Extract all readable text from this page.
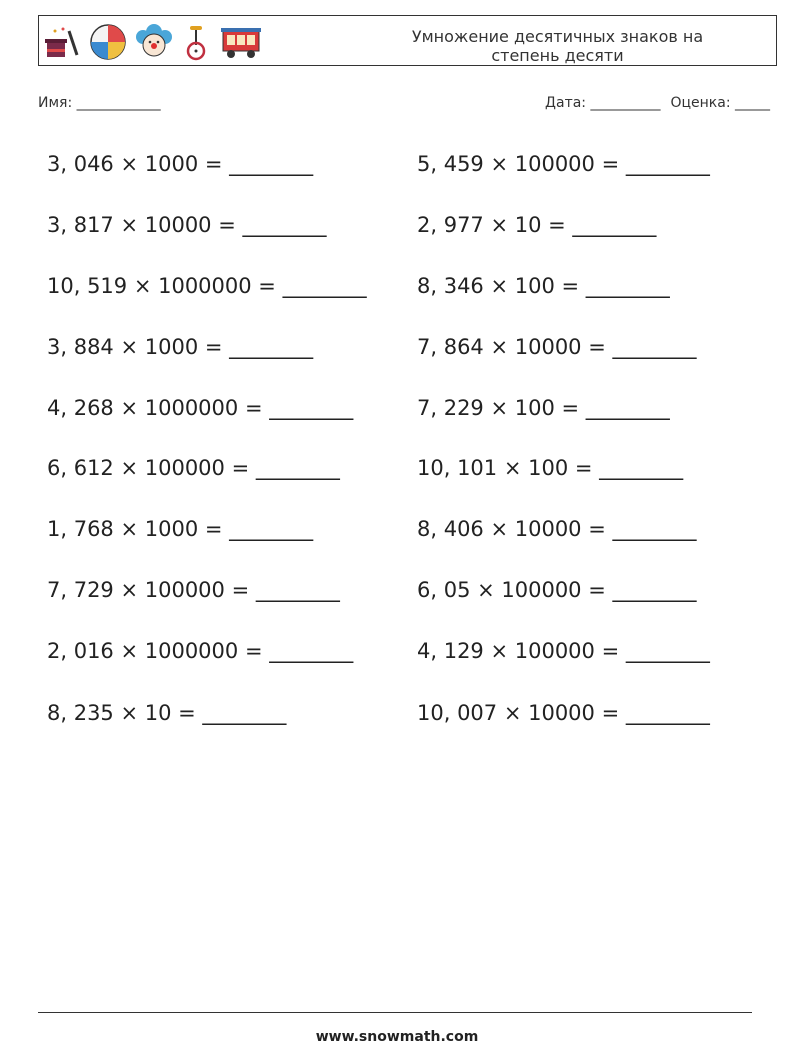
Умножение десятичных знаков на
степень десяти
Имя: ____________	Дата: __________ Оценка: _____
3, 046 × 1000 = ________
3, 817 × 10000 = ________
10, 519 × 1000000 = ________
3, 884 × 1000 = ________
4, 268 × 1000000 = ________
6, 612 × 100000 = ________
1, 768 × 1000 = ________
7, 729 × 100000 = ________
2, 016 × 1000000 = ________
8, 235 × 10 = ________
5, 459 × 100000 = ________
2, 977 × 10 = ________
8, 346 × 100 = ________
7, 864 × 10000 = ________
7, 229 × 100 = ________
10, 101 × 100 = ________
8, 406 × 10000 = ________
6, 05 × 100000 = ________
4, 129 × 100000 = ________
10, 007 × 10000 = ________
www.snowmath.com
